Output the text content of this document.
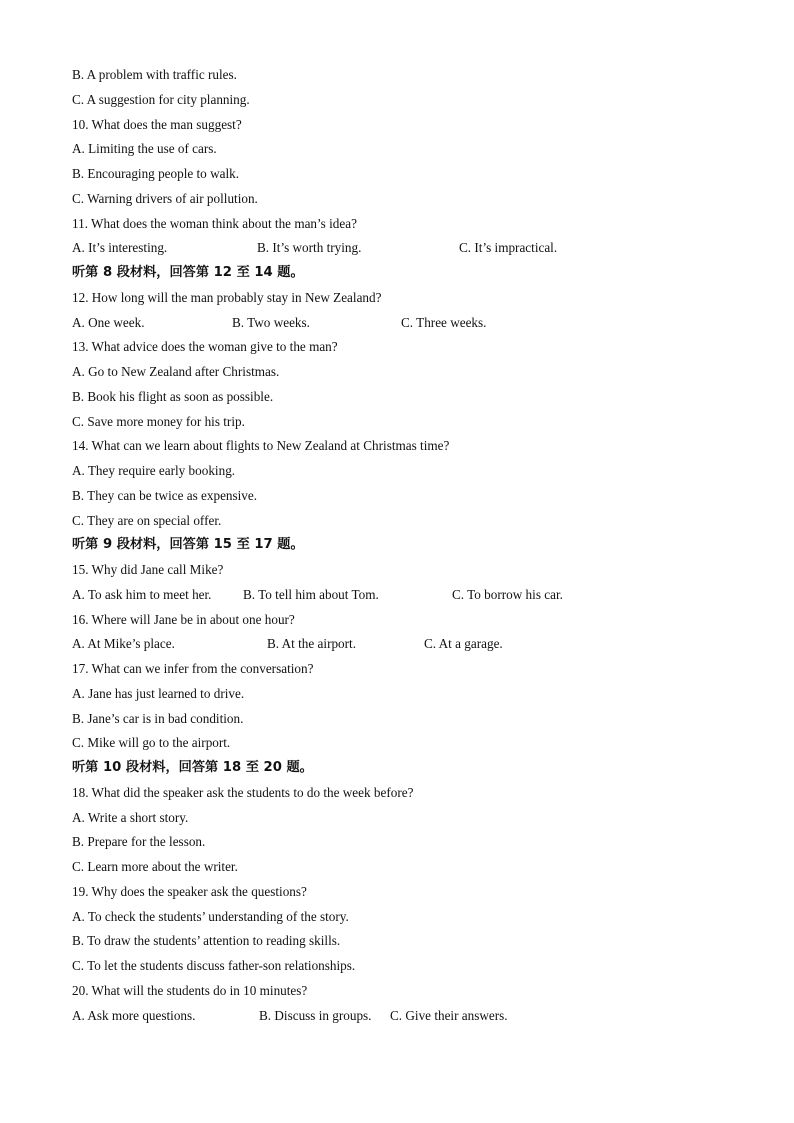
B. A problem with traffic rules.
C. A suggestion for city planning.
10. What does the man suggest?
A. Limiting the use of cars.
B. Encouraging people to walk.
C. Warning drivers of air pollution.
11. What does the woman think about the man’s idea?
A. It’s interesting.	B. It’s worth trying.	C. It’s impractical.
听第 8 段材料，回答第 12 至 14 题。
12. How long will the man probably stay in New Zealand?
A. One week.	B. Two weeks.	C. Three weeks.
13. What advice does the woman give to the man?
A. Go to New Zealand after Christmas.
B. Book his flight as soon as possible.
C. Save more money for his trip.
14. What can we learn about flights to New Zealand at Christmas time?
A. They require early booking.
B. They can be twice as expensive.
C. They are on special offer.
听第 9 段材料，回答第 15 至 17 题。
15. Why did Jane call Mike?
A. To ask him to meet her. B. To tell him about Tom.	C. To borrow his car.
16. Where will Jane be in about one hour?
A. At Mike’s place.	B. At the airport.	C. At a garage.
17. What can we infer from the conversation?
A. Jane has just learned to drive.
B. Jane’s car is in bad condition.
C. Mike will go to the airport.
听第 10 段材料，回答第 18 至 20 题。
18. What did the speaker ask the students to do the week before?
A. Write a short story.
B. Prepare for the lesson.
C. Learn more about the writer.
19. Why does the speaker ask the questions?
A. To check the students’ understanding of the story.
B. To draw the students’ attention to reading skills.
C. To let the students discuss father-son relationships.
20. What will the students do in 10 minutes?
A. Ask more questions.	B. Discuss in groups. C. Give their answers.
